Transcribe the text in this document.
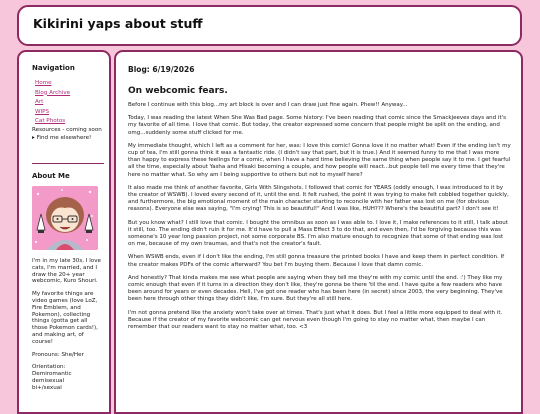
Kikirini yaps about stuff
Navigation
Home
Blog Archive
Art
WIPS
Cat Photos
Resources - coming soon
▸ Find me elsewhere!
About Me

I'm in my late 30s, I love cats, I'm married, and I draw the 20+ year webcomic, Kuro Shouri.

My favorite things are video games (love LoZ, Fire Emblem, and Pokemon), collecting things (gotta get all those Pokemon cards!), and making art, of course!

Pronouns: She/Her

Orientation:
Demiromantic
demisexual
bi+/sexual

Blog: 6/19/2026
On webcomic fears.

Before I continue with this blog...my art block is over and I can draw just fine again. Phew!! Anyway...

Today, I was reading the latest When She Was Bad page. Some history: I've been reading that comic since the Smackjeeves days and it's my favorite of all time. I love that comic. But today, the creator expressed some concern that people might be split on the ending, and omg...suddenly some stuff clicked for me.

My immediate thought, which I left as a comment for her, was: I love this comic! Gonna love it no matter what! Even if the ending isn't my cup of tea, I'm still gonna think it was a fantastic ride. (I didn't say that part, but it is true.) And it seemed funny to me that I was more than happy to express these feelings for a comic, when I have a hard time believing the same thing when people say it to me. I get fearful all the time, especially about Yasha and Hisaki becoming a couple, and how people will react...but people tell me every time that they're here no matter what. So why am I being supportive to others but not to myself here?

It also made me think of another favorite, Girls With Slingshots. I followed that comic for YEARS (oddly enough, I was introduced to it by the creator of WSWB). I loved every second of it, until the end. It felt rushed, the point it was trying to make felt cobbled together quickly, and furthermore, the big emotional moment of the main character starting to reconcile with her father was lost on me (for obvious reasons). Everyone else was saying, "I'm crying! This is so beautiful!" And I was like, HUH??? Where's the beautiful part? I don't see it!

But you know what? I still love that comic. I bought the omnibus as soon as I was able to. I love it, I make references to it still, I talk about it still, too. The ending didn't ruin it for me. It'd have to pull a Mass Effect 3 to do that, and even then, I'd be forgiving because this was someone's 10 year long passion project, not some corporate BS. I'm also mature enough to recognize that some of that ending was lost on me, because of my own traumas, and that's not the creator's fault.

When WSWB ends, even if I don't like the ending, I'm still gonna treasure the printed books I have and keep them in perfect condition. If the creator makes PDFs of the comic afterward? You bet I'm buying them. Because I love that damn comic.

And honestly? That kinda makes me see what people are saying when they tell me they're with my comic until the end. :') They like my comic enough that even if it turns in a direction they don't like, they're gonna be there 'til the end. I have quite a few readers who have been around for years or even decades. Hell, I've got one reader who has been here (in secret) since 2003, the very beginning. They've been here through other things they didn't like, I'm sure. But they're all still here.

I'm not gonna pretend like the anxiety won't take over at times. That's just what it does. But I feel a little more equipped to deal with it. Because if the creator of my favorite webcomic can get nervous even though I'm going to stay no matter what, then maybe I can remember that our readers want to stay no matter what, too. <3
